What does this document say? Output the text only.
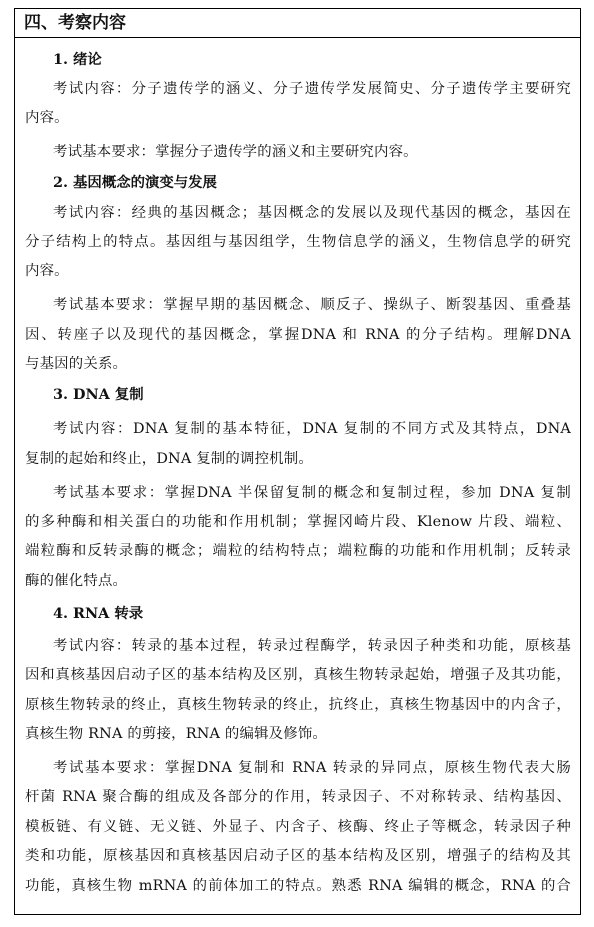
四、考察内容
1. 绪论
考试内容：分子遗传学的涵义、分子遗传学发展简史、分子遗传学主要研究
内容。
考试基本要求：掌握分子遗传学的涵义和主要研究内容。
2. 基因概念的演变与发展
考试内容：经典的基因概念；基因概念的发展以及现代基因的概念，基因在
分子结构上的特点。基因组与基因组学，生物信息学的涵义，生物信息学的研究
内容。
考试基本要求：掌握早期的基因概念、顺反子、操纵子、断裂基因、重叠基
因、转座子以及现代的基因概念，掌握DNA 和 RNA 的分子结构。理解DNA
与基因的关系。
3. DNA 复制
考试内容：DNA 复制的基本特征，DNA 复制的不同方式及其特点，DNA
复制的起始和终止，DNA 复制的调控机制。
考试基本要求：掌握DNA 半保留复制的概念和复制过程，参加 DNA 复制
的多种酶和相关蛋白的功能和作用机制；掌握冈崎片段、Klenow 片段、端粒、
端粒酶和反转录酶的概念；端粒的结构特点；端粒酶的功能和作用机制；反转录
酶的催化特点。
4. RNA 转录
考试内容：转录的基本过程，转录过程酶学，转录因子种类和功能，原核基
因和真核基因启动子区的基本结构及区别，真核生物转录起始，增强子及其功能，
原核生物转录的终止，真核生物转录的终止，抗终止，真核生物基因中的内含子，
真核生物 RNA 的剪接，RNA 的编辑及修饰。
考试基本要求：掌握DNA 复制和 RNA 转录的异同点，原核生物代表大肠
杆菌 RNA 聚合酶的组成及各部分的作用，转录因子、不对称转录、结构基因、
模板链、有义链、无义链、外显子、内含子、核酶、终止子等概念，转录因子种
类和功能，原核基因和真核基因启动子区的基本结构及区别，增强子的结构及其
功能，真核生物 mRNA 的前体加工的特点。熟悉 RNA 编辑的概念，RNA 的合
